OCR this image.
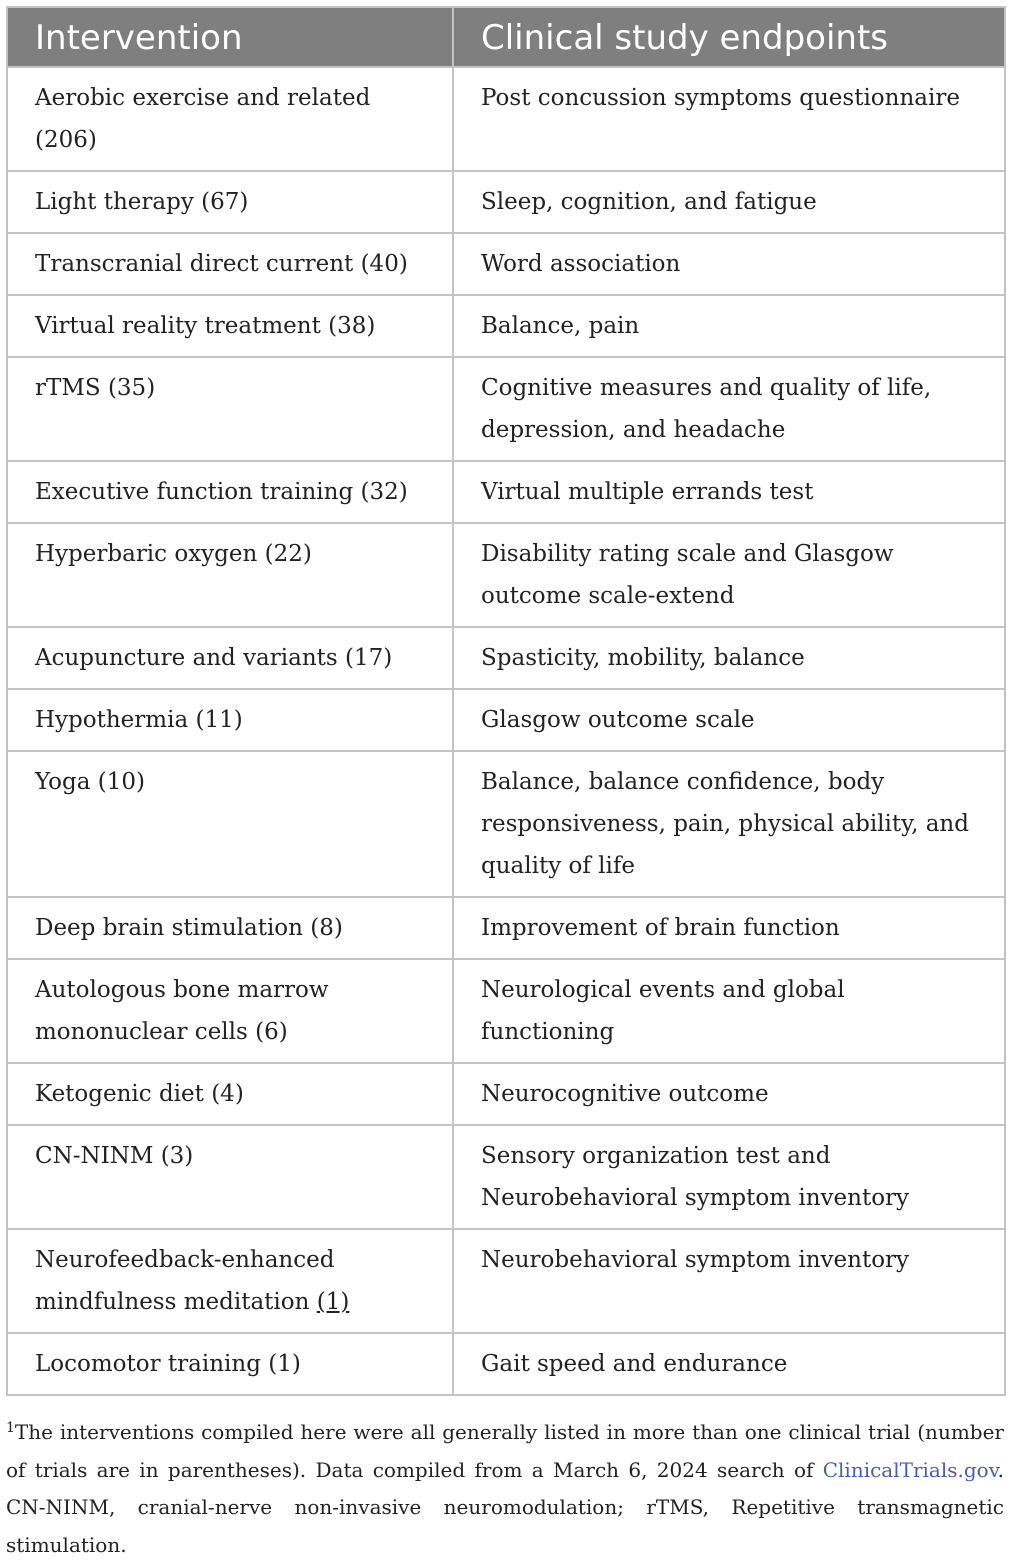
Intervention	Clinical study endpoints
Aerobic exercise and related (206)	Post concussion symptoms questionnaire
Light therapy (67)	Sleep, cognition, and fatigue
Transcranial direct current (40)	Word association
Virtual reality treatment (38)	Balance, pain
rTMS (35)	Cognitive measures and quality of life, depression, and headache
Executive function training (32)	Virtual multiple errands test
Hyperbaric oxygen (22)	Disability rating scale and Glasgow outcome scale-extend
Acupuncture and variants (17)	Spasticity, mobility, balance
Hypothermia (11)	Glasgow outcome scale
Yoga (10)	Balance, balance confidence, body responsiveness, pain, physical ability, and quality of life
Deep brain stimulation (8)	Improvement of brain function
Autologous bone marrow mononuclear cells (6)	Neurological events and global functioning
Ketogenic diet (4)	Neurocognitive outcome
CN-NINM (3)	Sensory organization test and Neurobehavioral symptom inventory
Neurofeedback-enhanced mindfulness meditation (1)	Neurobehavioral symptom inventory
Locomotor training (1)	Gait speed and endurance
$^1$The interventions compiled here were all generally listed in more than one clinical trial (number of trials are in parentheses). Data compiled from a March 6, 2024 search of ClinicalTrials.gov. CN-NINM, cranial-nerve non-invasive neuromodulation; rTMS, Repetitive transmagnetic stimulation.
